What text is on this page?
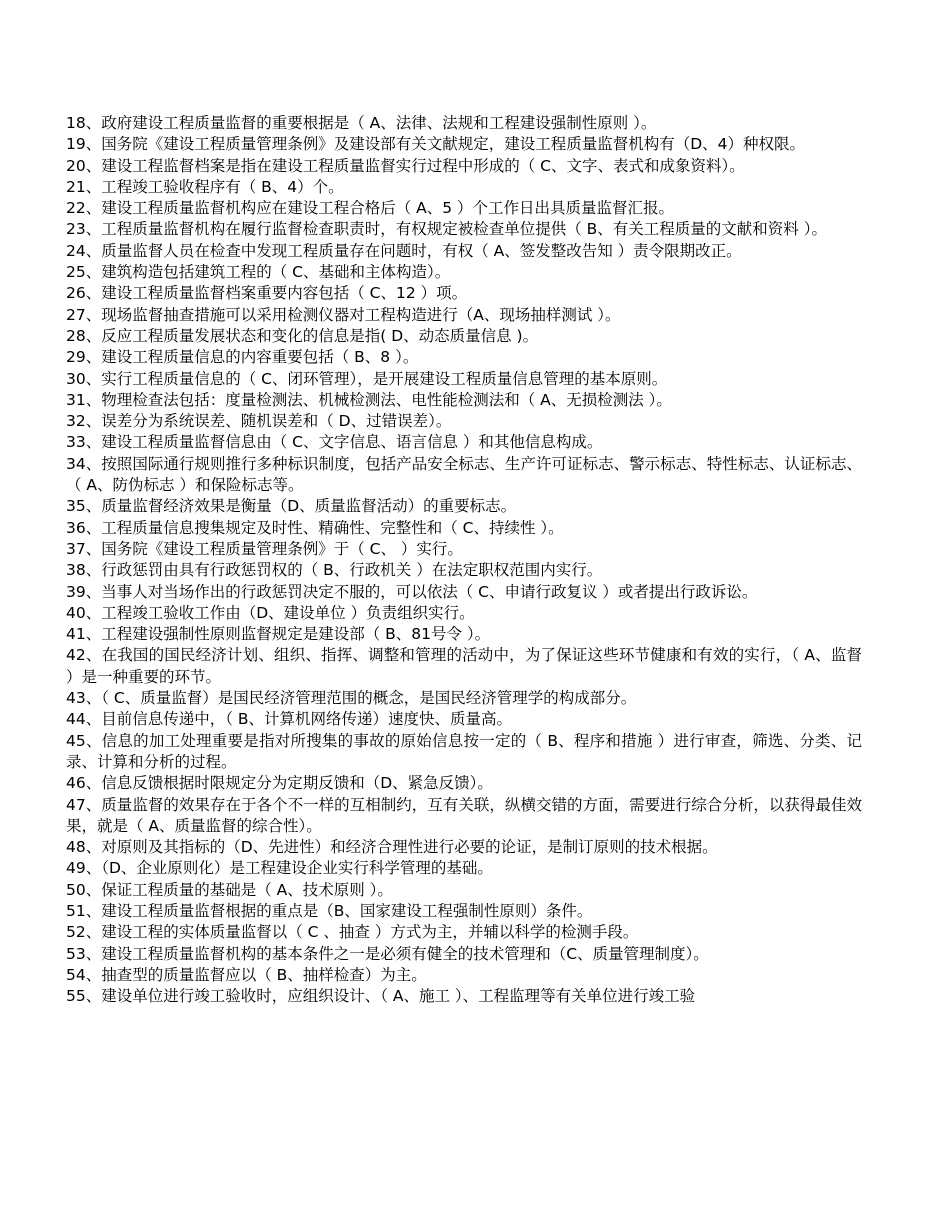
18、政府建设工程质量监督的重要根据是（ A、法律、法规和工程建设强制性原则 ）。

19、国务院《建设工程质量管理条例》及建设部有关文献规定，建设工程质量监督机构有（D、4）种权限。

20、建设工程监督档案是指在建设工程质量监督实行过程中形成的（ C、文字、表式和成象资料）。

21、工程竣工验收程序有（ B、4）个。

22、建设工程质量监督机构应在建设工程合格后（ A、5 ）个工作日出具质量监督汇报。

23、工程质量监督机构在履行监督检查职责时，有权规定被检查单位提供（ B、有关工程质量的文献和资料 ）。

24、质量监督人员在检查中发现工程质量存在问题时，有权（ A、签发整改告知 ）责令限期改正。

25、建筑构造包括建筑工程的（ C、基础和主体构造）。

26、建设工程质量监督档案重要内容包括（ C、12 ）项。

27、现场监督抽查措施可以采用检测仪器对工程构造进行（A、现场抽样测试 ）。

28、反应工程质量发展状态和变化的信息是指( D、动态质量信息 )。

29、建设工程质量信息的内容重要包括（ B、8 ）。

30、实行工程质量信息的（ C、闭环管理），是开展建设工程质量信息管理的基本原则。

31、物理检查法包括：度量检测法、机械检测法、电性能检测法和（ A、无损检测法 ）。

32、误差分为系统误差、随机误差和（ D、过错误差）。

33、建设工程质量监督信息由（ C、文字信息、语言信息 ）和其他信息构成。

34、按照国际通行规则推行多种标识制度，包括产品安全标志、生产许可证标志、警示标志、特性标志、认证标志、（ A、防伪标志 ）和保险标志等。

35、质量监督经济效果是衡量（D、质量监督活动）的重要标志。

36、工程质量信息搜集规定及时性、精确性、完整性和（ C、持续性 ）。

37、国务院《建设工程质量管理条例》于（ C、 ）实行。

38、行政惩罚由具有行政惩罚权的（ B、行政机关 ）在法定职权范围内实行。

39、当事人对当场作出的行政惩罚决定不服的，可以依法（ C、申请行政复议 ）或者提出行政诉讼。

40、工程竣工验收工作由（D、建设单位 ）负责组织实行。

41、工程建设强制性原则监督规定是建设部（ B、81号令 ）。

42、在我国的国民经济计划、组织、指挥、调整和管理的活动中，为了保证这些环节健康和有效的实行，（ A、监督 ）是一种重要的环节。

43、（ C、质量监督）是国民经济管理范围的概念，是国民经济管理学的构成部分。

44、目前信息传递中，（ B、计算机网络传递）速度快、质量高。

45、信息的加工处理重要是指对所搜集的事故的原始信息按一定的（ B、程序和措施 ）进行审查，筛选、分类、记录、计算和分析的过程。

46、信息反馈根据时限规定分为定期反馈和（D、紧急反馈）。

47、质量监督的效果存在于各个不一样的互相制约，互有关联，纵横交错的方面，需要进行综合分析，以获得最佳效果，就是（ A、质量监督的综合性）。

48、对原则及其指标的（D、先进性）和经济合理性进行必要的论证，是制订原则的技术根据。

49、（D、企业原则化）是工程建设企业实行科学管理的基础。

50、保证工程质量的基础是（ A、技术原则 ）。

51、建设工程质量监督根据的重点是（B、国家建设工程强制性原则）条件。

52、建设工程的实体质量监督以（ C 、抽查 ）方式为主，并辅以科学的检测手段。

53、建设工程质量监督机构的基本条件之一是必须有健全的技术管理和（C、质量管理制度）。

54、抽查型的质量监督应以（ B、抽样检查）为主。

55、建设单位进行竣工验收时，应组织设计、（ A、施工 ）、工程监理等有关单位进行竣工验
